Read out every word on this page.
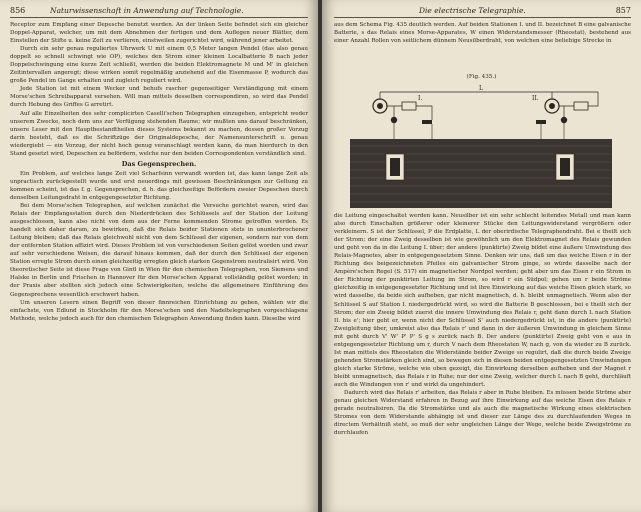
856	Naturwissenschaft in Anwendung auf Technologie.

Receptor zum Empfang einer Depesche benutzt werden. An der linken Seite befindet sich ein gleicher Doppel-Apparat, welcher, um mit dem Abnehmen der fertigen und dem Auflegen neuer Blätter, dem Einstellen der Stifte u. keine Zeit zu verlieren, einstweilen zugerichtet wird, während jener arbeitet.

Durch ein sehr genau reguliertes Uhrwerk U mit einem 0,5 Meter langen Pendel (das also genau doppelt so schnell schwingt wie OP), welches den Strom einer kleinen Localbatterie B nach jeder Doppelschwingung eine kurze Zeit schließt, werden die beiden Elektromagnete M und M' in gleichen Zeitintervallen angeregt; diese wirken somit regelmäßig anziehend auf die Eisenmasse P, wodurch das große Pendel im Gange erhalten und zugleich reguliert wird.

Jede Station ist mit einem Wecker und behufs rascher gegenseitiger Verständigung mit einem Morse'schen Schreibapparat versehen. Will man mittels desselben correspondiren, so wird das Pendel durch Hebung des Griffes G arretirt.

Auf alle Einzelheiten des sehr complicirten Caselli'schen Telegraphen einzugehen, entspricht weder unserem Zwecke, noch dem uns zur Verfügung stehenden Raume; wir mußten uns darauf beschränken, unsere Leser mit den Hauptbestandtheilen dieses Systems bekannt zu machen, dessen großer Vorzug darin besteht, daß es die Schriftzüge der Originaldepesche, der Namensunterschrift u. genau wiedergiebt — ein Vorzug, der nicht hoch genug veranschlagt werden kann, da man hierdurch in den Stand gesetzt wird, Depeschen zu befördern, welche nur den beiden Correspondenten verständlich sind.

Das Gegensprechen.

Ein Problem, auf welches lange Zeit viel Scharfsinn verwandt worden ist, das kann lange Zeit als unpractisch zurückgestellt wurde und erst neuerdings mit gewissen Beschränkungen zur Geltung zu kommen scheint, ist das f. g. Gegensprechen, d. h. das gleichzeitige Befördern zweier Depeschen durch denselben Leitungsdraht in entgegengesetzter Richtung.

Bei dem Morse'schen Telegraphen, auf welchen zunächst die Versuche gerichtet waren, wird das Relais der Empfangsstation durch den Niederdrücken des Schlüssels auf der Station der Leitung ausgeschlossen, kann also nicht von dem aus der Ferne kommenden Strome getroffen werden. Es handelt sich daher darum, zu bewirken, daß die Relais beider Stationen stets in ununterbrochener Leitung bleiben; daß das Relais gleichwohl nicht von dem Schlüssel der eigenen, sondern nur von dem der entfernten Station affizirt wird. Dieses Problem ist von verschiedenen Seiten gelöst worden und zwar auf sehr verschiedene Weisen, die darauf hinaus kommen, daß der durch den Schlüssel der eigenen Station erregte Strom durch einen gleichzeitig erregten gleich starken Gegenstrom neutralisirt wird. Von theoretischer Seite ist diese Frage von Gintl in Wien für den chemischen Telegraphen, von Siemens und Halske in Berlin und Frischen in Hannover für den Morse'schen Apparat vollständig gelöst worden; in der Praxis aber stellten sich jedoch eine Schwierigkeiten, welche die allgemeinere Einführung des Gegensprechens wesentlich erschwert haben.

Um unseren Lesern einen Begriff von dieser finnreichen Einrichtung zu geben, wählen wir die einfachste, von Edlund in Stockholm für den Morse'schen und den Nadeltelegraphen vorgeschlagene Methode, welche jedoch auch für den chemischen Telegraphen Anwendung finden kann. Dieselbe wird

Die electrische Telegraphie.	857

aus dem Schema Fig. 435 deutlich werden. Auf beiden Stationen I. und II. bezeichnet B eine galvanische Batterie, s das Relais eines Morse-Apparates, W einen Widerstandsmesser (Rheostat), bestehend aus einer Anzahl Rollen von seitlichem dünnem Neusilberdraht, von welchen eine beliebige Strecke in

(Fig. 435.)
L
I.	II.

die Leitung eingeschaltet werden kann. Neusilber ist ein sehr schlecht leitendes Metall und man kann also durch Einschalten größerer oder kleinerer Stücke den Leitungswiderstand vergrößern oder verkleinern. S ist der Schlüssel, P die Erdplatte, L der oberirdische Telegraphendraht. Bei e theilt sich der Strom; der eine Zweig desselben ist wie gewöhnlich um den Elektromagnet des Relais gewunden und geht von da in die Leitung L über; der andere (punktirte) Zweig bildet eine äußere Umwindung des Relais-Magnetes, aber in entgegengesetztem Sinne. Denken wir uns, daß um das weiche Eisen r in der Richtung des beigezeichneten Pfeiles ein galvanischer Strom ginge, so würde dasselbe nach der Ampère'schen Regel (S. 517) ein magnetischer Nordpol werden; geht aber um das Eisen r ein Strom in der Richtung der punktirten Leitung im Strom, so wird r ein Südpol; gehen um r beide Ströme gleichzeitig in entgegengesetzter Richtung und ist ihre Einwirkung auf das weiche Eisen gleich stark, so wird dasselbe, da beide sich aufheben, gar nicht magnetisch, d. h. bleibt unmagnetisch. Wenn also der Schlüssel S auf Station I. niedergedrückt wird, so wird die Batterie B geschlossen, bei e theilt sich der Strom; der ein Zweig bildet zuerst die innere Umwindung des Relais r, geht dann durch L nach Station II. bis e'; hier geht er, wenn nicht der Schlüssel S' auch niedergedrückt ist, in die andere (punktirte) Zweigleitung über, umkreist also das Relais r' und dann in der äußeren Umwindung in gleichem Sinne mit geht durch V' W' P' P' S g s zurück nach B. Der andere (punktirte) Zweig geht von e aus in entgegengesetzter Richtung um r, durch V nach dem Rheostaten W, nach g, von da wieder zu B zurück. Ist man mittels des Rheostaten die Widerstände beider Zweige so regulirt, daß die durch beide Zweige gehenden Stromstärken gleich sind, so bewegen sich in diesen beiden entgegengesetzten Umwindungen gleich starke Ströme, welche wie oben gezeigt, die Einwirkung derselben aufheben und der Magnet r bleibt unmagnetisch, das Relais r in Ruhe; nur der eine Zweig, welcher durch L nach B geht, durchläuft auch die Windungen von r' und wirkt da ungehindert.

Dadurch wird das Relais r' arbeiten, das Relais r aber in Ruhe bleiben. Es müssen beide Ströme aber genau gleichen Widerstand erfahren in Bezug auf ihre Einwirkung auf das weiche Eisen des Relais r gerade neutralisiren. Da die Stromstärke und als auch die magnetische Wirkung eines elektrischen Stromes von dem Widerstande abhängig ist und dieser zur Länge des zu durchlaufenden Weges in directem Verhältniß steht, so muß der sehr ungleichen Länge der Wege, welche beide Zweigströme zu durchlaufen
